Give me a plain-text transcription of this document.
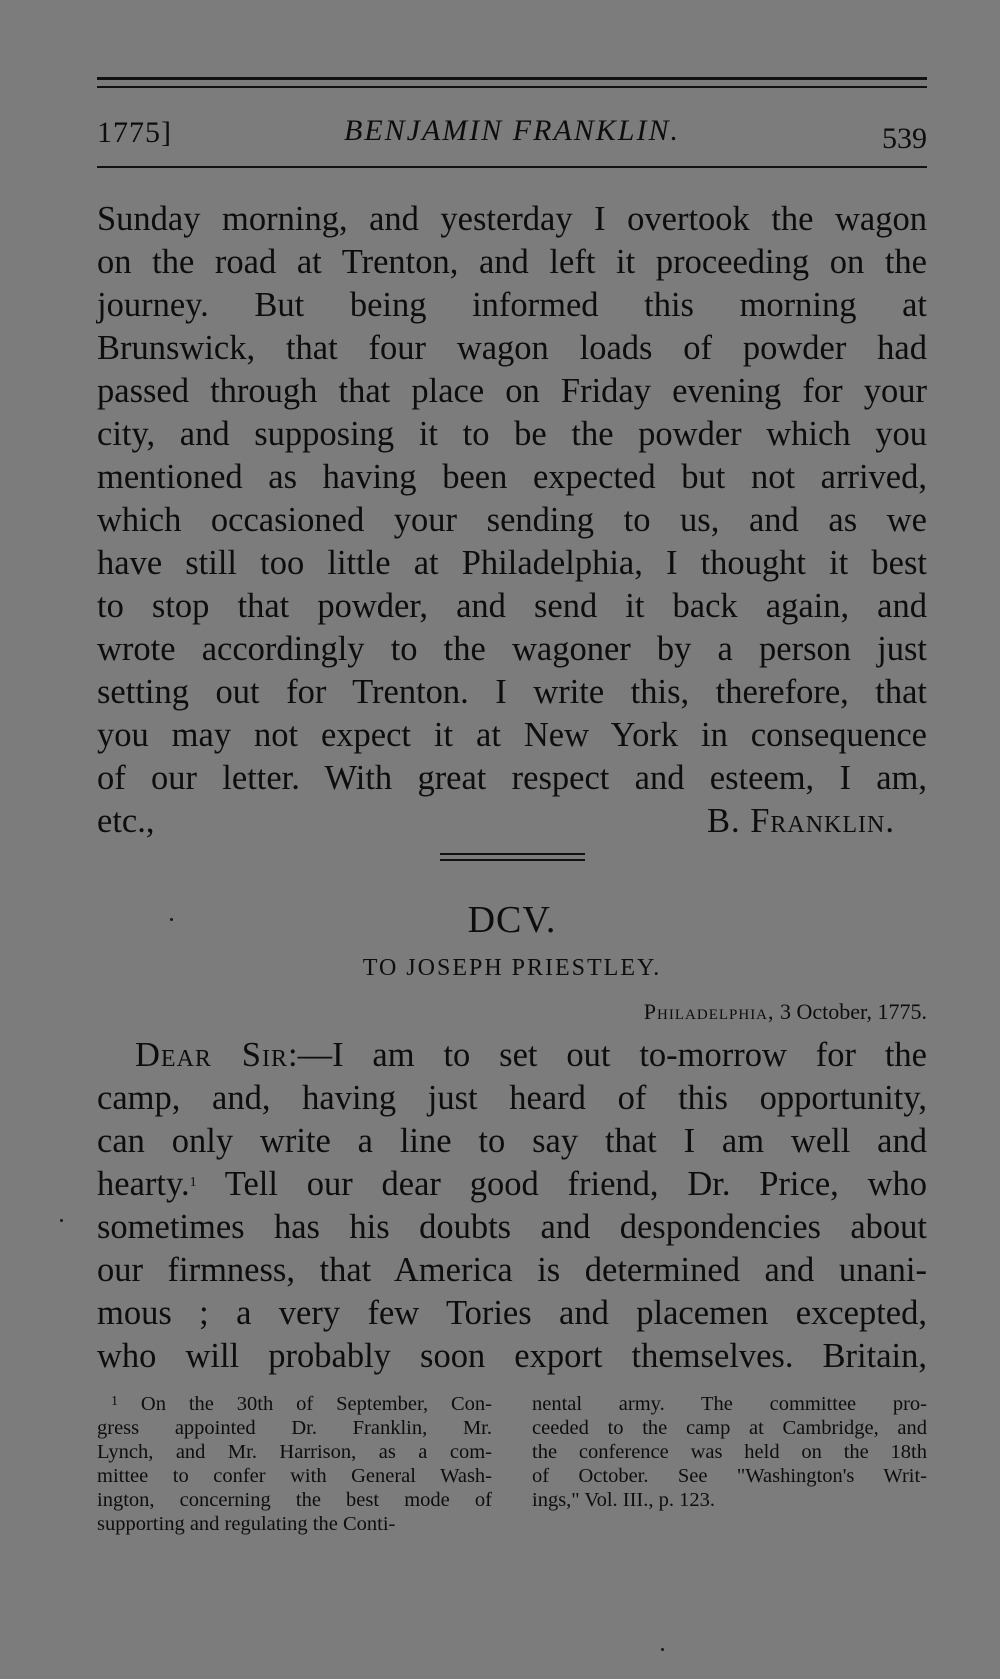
1775]	BENJAMIN FRANKLIN.	539
Sunday morning, and yesterday I overtook the wagon
on the road at Trenton, and left it proceeding on the
journey. But being informed this morning at
Brunswick, that four wagon loads of powder had
passed through that place on Friday evening for your
city, and supposing it to be the powder which you
mentioned as having been expected but not arrived,
which occasioned your sending to us, and as we
have still too little at Philadelphia, I thought it best
to stop that powder, and send it back again, and
wrote accordingly to the wagoner by a person just
setting out for Trenton. I write this, therefore, that
you may not expect it at New York in consequence
of our letter. With great respect and esteem, I am,
etc.,	B. Franklin.
DCV.
TO JOSEPH PRIESTLEY.
Philadelphia, 3 October, 1775.
Dear Sir:—I am to set out to-morrow for the
camp, and, having just heard of this opportunity,
can only write a line to say that I am well and
hearty.$^1$ Tell our dear good friend, Dr. Price, who
sometimes has his doubts and despondencies about
our firmness, that America is determined and unani-
mous ; a very few Tories and placemen excepted,
who will probably soon export themselves. Britain,
$^1$ On the 30th of September, Con-
gress appointed Dr. Franklin, Mr.
Lynch, and Mr. Harrison, as a com-
mittee to confer with General Wash-
ington, concerning the best mode of
supporting and regulating the Conti-
nental army. The committee pro-
ceeded to the camp at Cambridge, and
the conference was held on the 18th
of October. See "Washington's Writ-
ings," Vol. III., p. 123.
